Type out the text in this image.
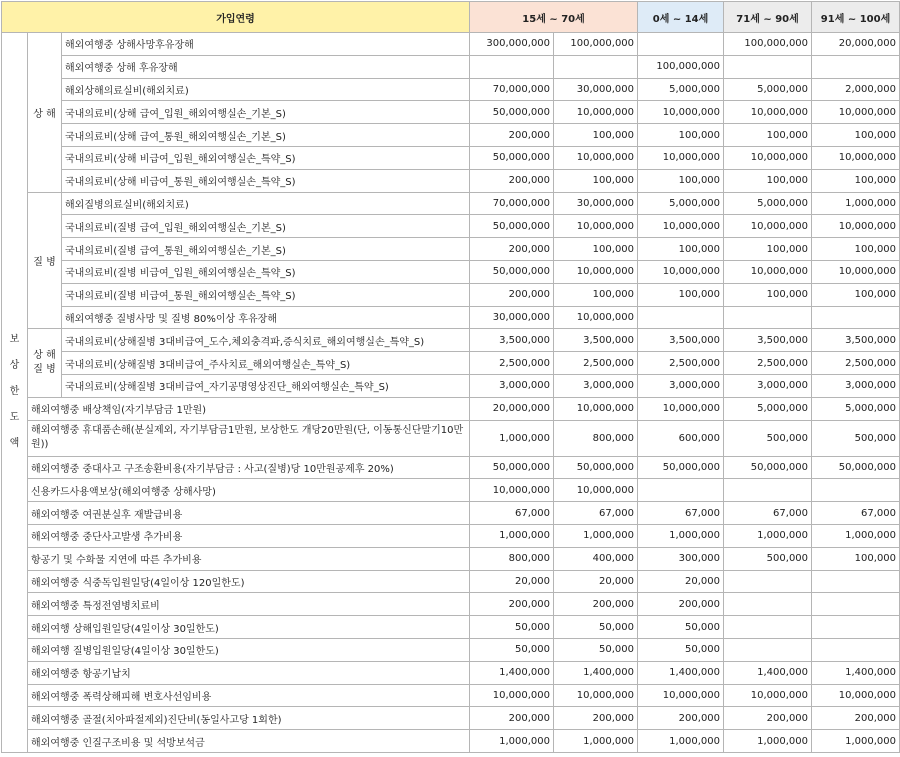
가입연령			15세 ~ 70세		0세 ~ 14세	71세 ~ 90세	91세 ~ 100세

보상한도액	상 해	해외여행중 상해사망후유장해	300,000,000	100,000,000		100,000,000	20,000,000
		해외여행중 상해 후유장해			100,000,000		
		해외상해의료실비(해외치료)	70,000,000	30,000,000	5,000,000	5,000,000	2,000,000
		국내의료비(상해 급여_입원_해외여행실손_기본_S)	50,000,000	10,000,000	10,000,000	10,000,000	10,000,000
		국내의료비(상해 급여_통원_해외여행실손_기본_S)	200,000	100,000	100,000	100,000	100,000
		국내의료비(상해 비급여_입원_해외여행실손_특약_S)	50,000,000	10,000,000	10,000,000	10,000,000	10,000,000
		국내의료비(상해 비급여_통원_해외여행실손_특약_S)	200,000	100,000	100,000	100,000	100,000
	질 병	해외질병의료실비(해외치료)	70,000,000	30,000,000	5,000,000	5,000,000	1,000,000
		국내의료비(질병 급여_입원_해외여행실손_기본_S)	50,000,000	10,000,000	10,000,000	10,000,000	10,000,000
		국내의료비(질병 급여_통원_해외여행실손_기본_S)	200,000	100,000	100,000	100,000	100,000
		국내의료비(질병 비급여_입원_해외여행실손_특약_S)	50,000,000	10,000,000	10,000,000	10,000,000	10,000,000
		국내의료비(질병 비급여_통원_해외여행실손_특약_S)	200,000	100,000	100,000	100,000	100,000
		해외여행중 질병사망 및 질병 80%이상 후유장해	30,000,000	10,000,000			
	상 해 질 병	국내의료비(상해질병 3대비급여_도수,체외충격파,증식치료_해외여행실손_특약_S)	3,500,000	3,500,000	3,500,000	3,500,000	3,500,000
		국내의료비(상해질병 3대비급여_주사치료_해외여행실손_특약_S)	2,500,000	2,500,000	2,500,000	2,500,000	2,500,000
		국내의료비(상해질병 3대비급여_자기공명영상진단_해외여행실손_특약_S)	3,000,000	3,000,000	3,000,000	3,000,000	3,000,000
	해외여행중 배상책임(자기부담금 1만원)		20,000,000	10,000,000	10,000,000	5,000,000	5,000,000
	해외여행중 휴대품손해(분실제외, 자기부담금1만원, 보상한도 개당20만원(단, 이동통신단말기10만원))		1,000,000	800,000	600,000	500,000	500,000
	해외여행중 중대사고 구조송환비용(자기부담금 : 사고(질병)당 10만원공제후 20%)		50,000,000	50,000,000	50,000,000	50,000,000	50,000,000
	신용카드사용액보상(해외여행중 상해사망)		10,000,000	10,000,000			
	해외여행중 여권분실후 재발급비용		67,000	67,000	67,000	67,000	67,000
	해외여행중 중단사고발생 추가비용		1,000,000	1,000,000	1,000,000	1,000,000	1,000,000
	항공기 및 수화물 지연에 따른 추가비용		800,000	400,000	300,000	500,000	100,000
	해외여행중 식중독입원일당(4일이상 120일한도)		20,000	20,000	20,000		
	해외여행중 특정전염병치료비		200,000	200,000	200,000		
	해외여행 상해입원일당(4일이상 30일한도)		50,000	50,000	50,000		
	해외여행 질병입원일당(4일이상 30일한도)		50,000	50,000	50,000		
	해외여행중 항공기납치		1,400,000	1,400,000	1,400,000	1,400,000	1,400,000
	해외여행중 폭력상해피해 변호사선임비용		10,000,000	10,000,000	10,000,000	10,000,000	10,000,000
	해외여행중 골절(치아파절제외)진단비(동일사고당 1회한)		200,000	200,000	200,000	200,000	200,000
	해외여행중 인질구조비용 및 석방보석금		1,000,000	1,000,000	1,000,000	1,000,000	1,000,000
